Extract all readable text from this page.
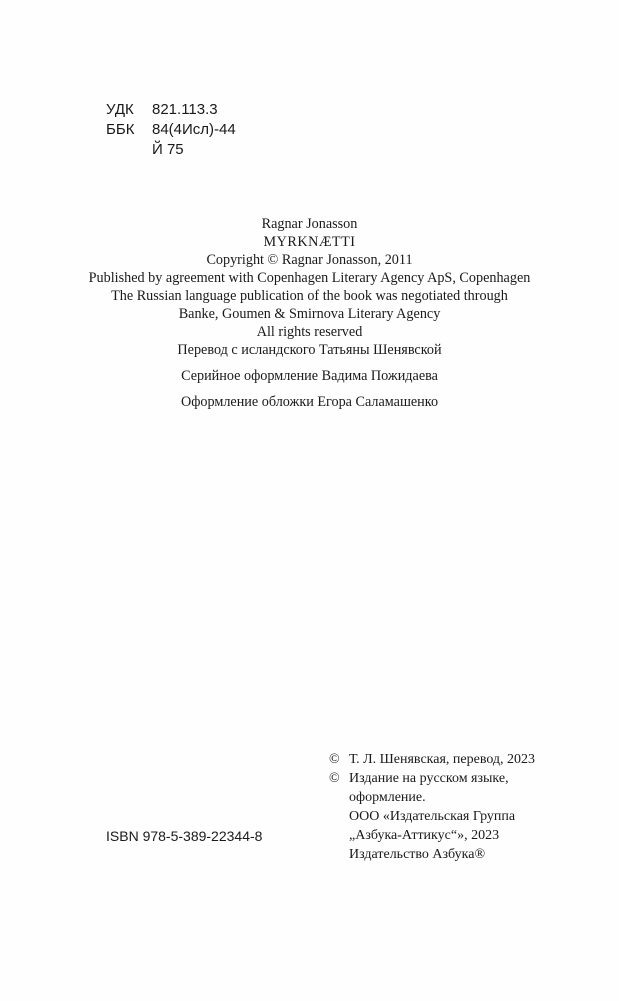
УДК	821.113.3
ББК	84(4Исл)-44
Й 75
Ragnar Jonasson
MYRKNÆTTI
Copyright © Ragnar Jonasson, 2011
Published by agreement with Copenhagen Literary Agency ApS, Copenhagen
The Russian language publication of the book was negotiated through
Banke, Goumen & Smirnova Literary Agency
All rights reserved
Перевод с исландского Татьяны Шенявской
Серийное оформление Вадима Пожидаева
Оформление обложки Егора Саламашенко
© Т. Л. Шенявская, перевод, 2023
© Издание на русском языке,
оформление.
ООО «Издательская Группа
„Азбука-Аттикус“», 2023
Издательство Азбука®
ISBN 978-5-389-22344-8
